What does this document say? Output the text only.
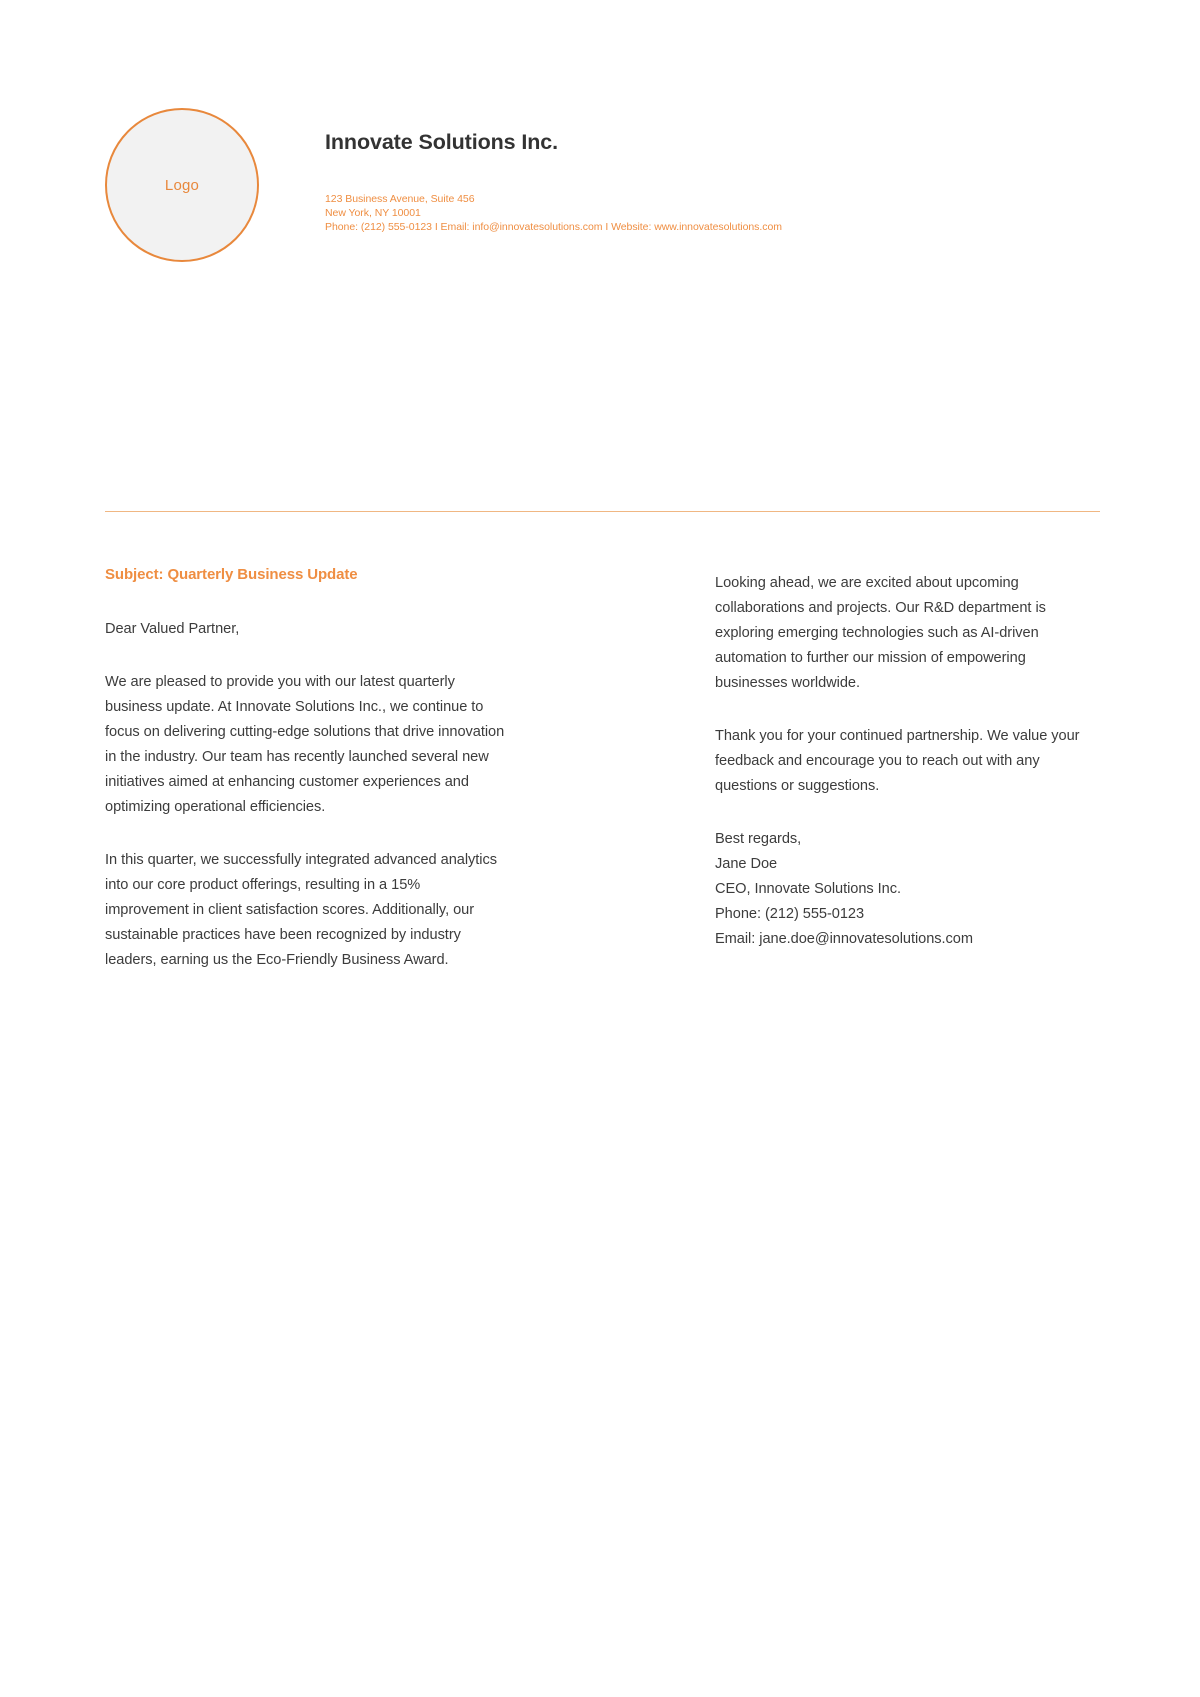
Logo
Innovate Solutions Inc.
123 Business Avenue, Suite 456
New York, NY 10001
Phone: (212) 555-0123 I Email: info@innovatesolutions.com I Website: www.innovatesolutions.com
Subject: Quarterly Business Update

Dear Valued Partner,

We are pleased to provide you with our latest quarterly business update. At Innovate Solutions Inc., we continue to focus on delivering cutting-edge solutions that drive innovation in the industry. Our team has recently launched several new initiatives aimed at enhancing customer experiences and optimizing operational efficiencies.

In this quarter, we successfully integrated advanced analytics into our core product offerings, resulting in a 15% improvement in client satisfaction scores. Additionally, our sustainable practices have been recognized by industry leaders, earning us the Eco-Friendly Business Award.

Looking ahead, we are excited about upcoming collaborations and projects. Our R&D department is exploring emerging technologies such as AI-driven automation to further our mission of empowering businesses worldwide.

Thank you for your continued partnership. We value your feedback and encourage you to reach out with any questions or suggestions.

Best regards,
Jane Doe
CEO, Innovate Solutions Inc.
Phone: (212) 555-0123
Email: jane.doe@innovatesolutions.com
